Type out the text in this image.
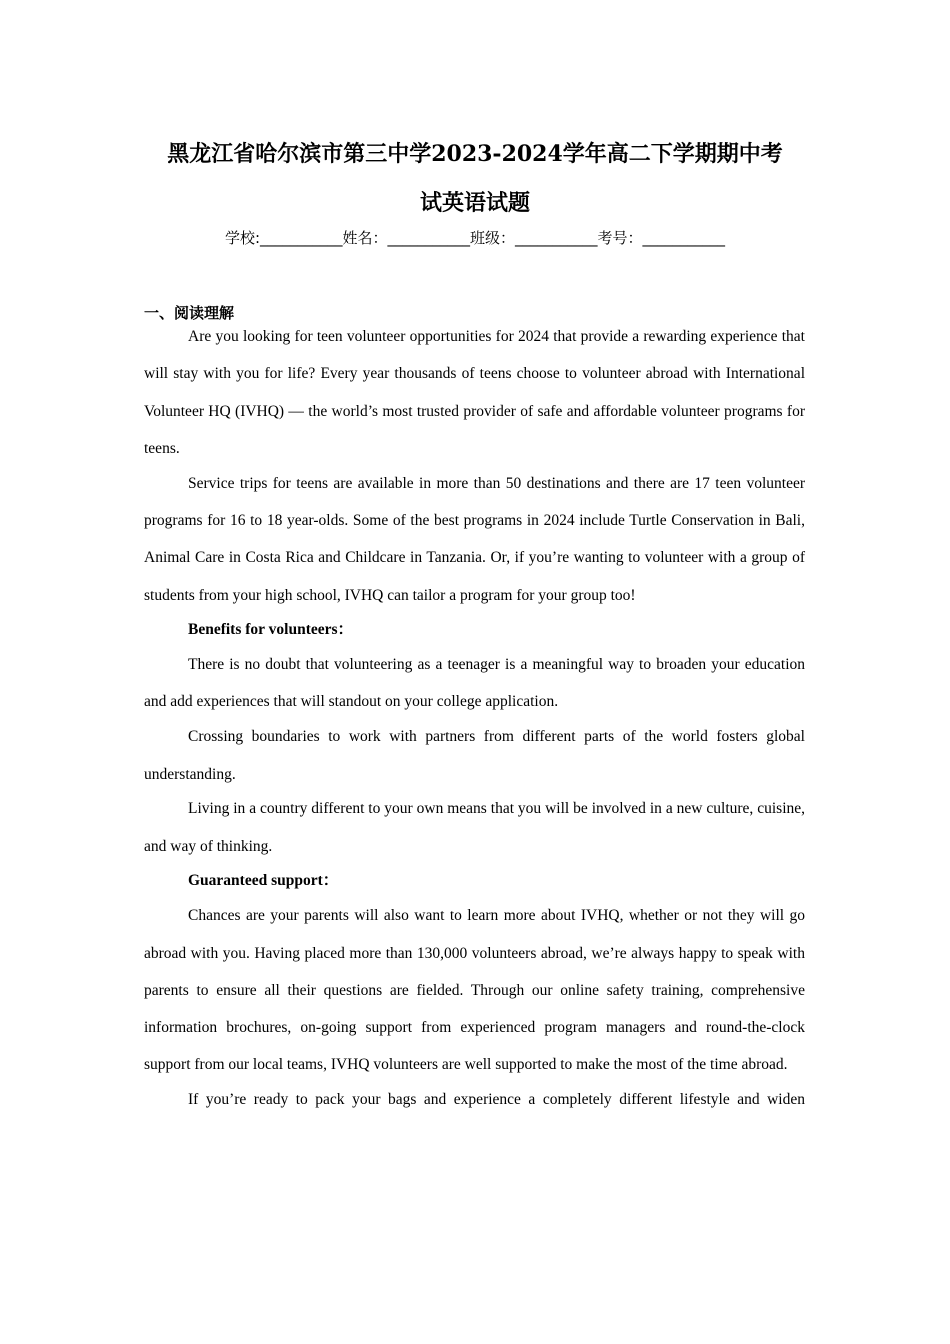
黑龙江省哈尔滨市第三中学2023-2024学年高二下学期期中考
试英语试题
学校:___________姓名：___________班级：___________考号：___________
一、阅读理解

Are you looking for teen volunteer opportunities for 2024 that provide a rewarding experience that will stay with you for life? Every year thousands of teens choose to volunteer abroad with International Volunteer HQ (IVHQ) — the world’s most trusted provider of safe and affordable volunteer programs for teens.

Service trips for teens are available in more than 50 destinations and there are 17 teen volunteer programs for 16 to 18 year-olds. Some of the best programs in 2024 include Turtle Conservation in Bali, Animal Care in Costa Rica and Childcare in Tanzania. Or, if you’re wanting to volunteer with a group of students from your high school, IVHQ can tailor a program for your group too!

Benefits for volunteers：

There is no doubt that volunteering as a teenager is a meaningful way to broaden your education and add experiences that will standout on your college application.

Crossing boundaries to work with partners from different parts of the world fosters global understanding.

Living in a country different to your own means that you will be involved in a new culture, cuisine, and way of thinking.

Guaranteed support：

Chances are your parents will also want to learn more about IVHQ, whether or not they will go abroad with you. Having placed more than 130,000 volunteers abroad, we’re always happy to speak with parents to ensure all their questions are fielded. Through our online safety training, comprehensive information brochures, on-going support from experienced program managers and round-the-clock support from our local teams, IVHQ volunteers are well supported to make the most of the time abroad.

If you’re ready to pack your bags and experience a completely different lifestyle and widen
